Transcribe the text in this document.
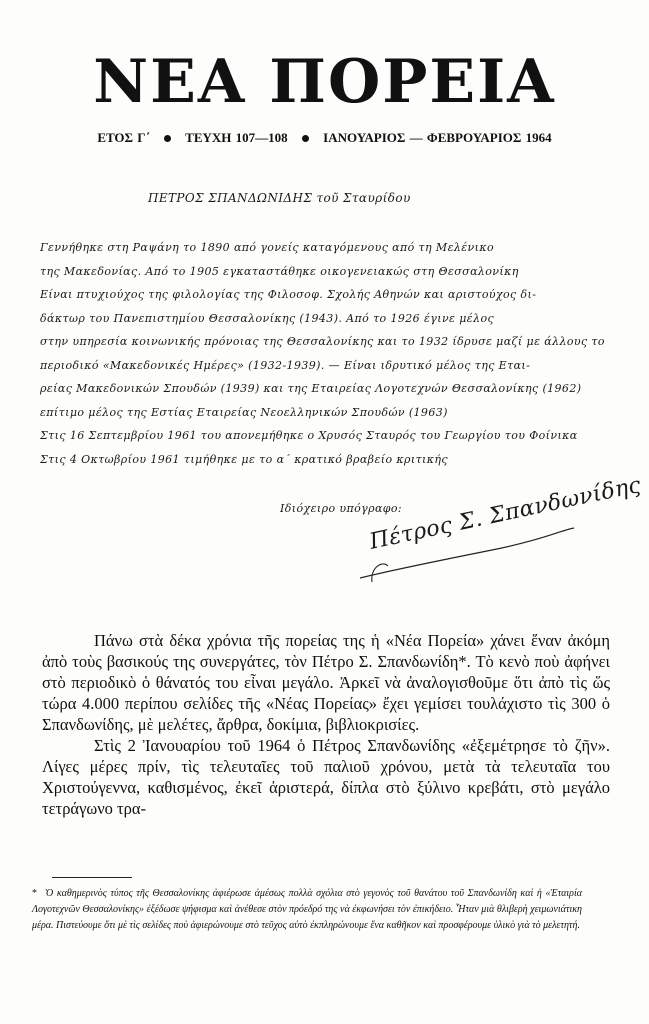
ΝΕΑ ΠΟΡΕΙΑ
ΕΤΟΣ Γ΄	ΤΕΥΧΗ 107—108	ΙΑΝΟΥΑΡΙΟΣ — ΦΕΒΡΟΥΑΡΙΟΣ 1964
ΠΕΤΡΟΣ ΣΠΑΝΔΩΝΙΔΗΣ τοῦ Σταυρίδου
Γεννήθηκε στη Ραψάνη το 1890 από γονείς καταγόμενους από τη Μελένικο
της Μακεδονίας. Από το 1905 εγκαταστάθηκε οικογενειακώς στη Θεσσαλονίκη
Είναι πτυχιούχος της φιλολογίας της Φιλοσοφ. Σχολής Αθηνών και αριστούχος δι-
δάκτωρ του Πανεπιστημίου Θεσσαλονίκης (1943). Από το 1926 έγινε μέλος
στην υπηρεσία κοινωνικής πρόνοιας της Θεσσαλονίκης και το 1932 ίδρυσε μαζί με άλλους το
περιοδικό «Μακεδονικές Ημέρες» (1932-1939). — Είναι ιδρυτικό μέλος της Εται-
ρείας Μακεδονικών Σπουδών (1939) και της Εταιρείας Λογοτεχνών Θεσσαλονίκης (1962)
επίτιμο μέλος της Εστίας Εταιρείας Νεοελληνικών Σπουδών (1963)
Στις 16 Σεπτεμβρίου 1961 του απονεμήθηκε ο Χρυσός Σταυρός του Γεωργίου του Φοίνικα
Στις 4 Οκτωβρίου 1961 τιμήθηκε με το α΄ κρατικό βραβείο κριτικής
Ιδιόχειρο υπόγραφο:
Πέτρος Σ. Σπανδωνίδης

Πάνω στὰ δέκα χρόνια τῆς πορείας της ἡ «Νέα Πορεία» χάνει ἕναν ἀκόμη ἀπὸ τοὺς βασικούς της συνεργάτες, τὸν Πέτρο Σ. Σπανδωνίδη*. Τὸ κενὸ ποὺ ἀφήνει στὸ περιοδικὸ ὁ θάνατός του εἶναι μεγάλο. Ἀρκεῖ νὰ ἀναλογισθοῦμε ὅτι ἀπὸ τὶς ὥς τώρα 4.000 περίπου σελίδες τῆς «Νέας Πορείας» ἔχει γεμίσει τουλάχιστο τὶς 300 ὁ Σπανδωνίδης, μὲ μελέτες, ἄρθρα, δοκίμια, βιβλιοκρισίες.

Στὶς 2 Ἰανουαρίου τοῦ 1964 ὁ Πέτρος Σπανδωνίδης «ἐξεμέτρησε τὸ ζῆν». Λίγες μέρες πρίν, τὶς τελευταῖες τοῦ παλιοῦ χρόνου, μετὰ τὰ τελευταῖα του Χριστούγεννα, καθισμένος, ἐκεῖ ἀριστερά, δίπλα στὸ ξύλινο κρεβάτι, στὸ μεγάλο τετράγωνο τρα-

* Ὁ καθημερινὸς τύπος τῆς Θεσσαλονίκης ἀφιέρωσε ἀμέσως πολλὰ σχόλια στὸ γεγονὸς τοῦ θανάτου τοῦ Σπανδωνίδη καὶ ἡ «Ἑταιρία Λογοτεχνῶν Θεσσαλονίκης» ἐξέδωσε ψήφισμα καὶ ἀνέθεσε στὸν πρόεδρό της νὰ ἐκφωνήσει τὸν ἐπικήδειο. Ἦταν μιὰ θλιβερὴ χειμωνιάτικη μέρα. Πιστεύουμε ὅτι μὲ τὶς σελίδες ποὺ ἀφιερώνουμε στὸ τεῦχος αὐτὸ ἐκπληρώνουμε ἕνα καθῆκον καὶ προσφέρουμε ὑλικὸ γιὰ τὸ μελετητή.
